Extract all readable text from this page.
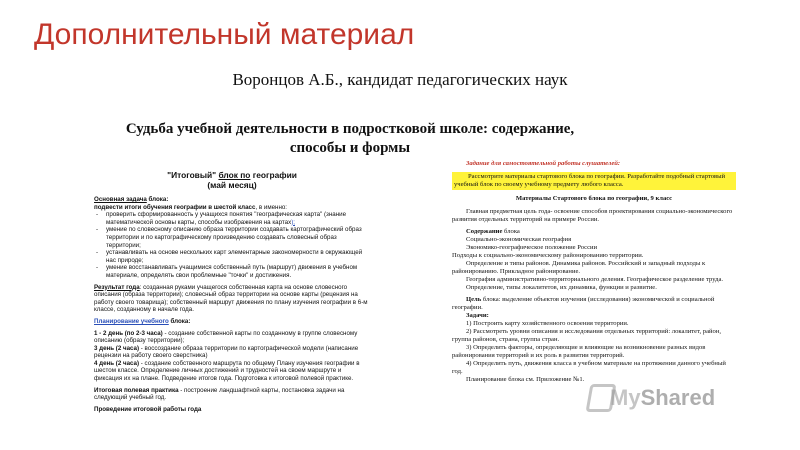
Дополнительный материал
Воронцов А.Б., кандидат педагогических наук
Судьба учебной деятельности в подростковой школе: содержание, способы и формы
"Итоговый" блок по географии
(май месяц)

Основная задача блока:

подвести итоги обучения географии в шестой класс, в именно:

- проверить сформированность у учащихся понятия "географическая карта" (знание математической основы карты, способы изображения на картах);
- умение по словесному описанию образа территории создавать картографический образ территории и по картографическому произведению создавать словесный образ территории;
- устанавливать на основе нескольких карт элементарные закономерности в окружающей нас природе;
- умение восстанавливать учащимися собственный путь (маршрут) движения в учебном материале, определять свои проблемные "точки" и достижения.

Результат года: созданная руками учащегося собственная карта на основе словесного описания (образа территории); словесный образ территории на основе карты (рецензия на работу своего товарища); собственный маршрут движения по плану изучения географии в 6-м классе, созданному в начале года.

Планирование учебного блока:

1 - 2 день (по 2-3 часа) - создание собственной карты по созданному в группе словесному описанию (образу территории);

3 день (2 часа) - воссоздание образа территории по картографической модели (написание рецензии на работу своего сверстника)

4 день (2 часа) - создание собственного маршрута по общему Плану изучения географии в шестом классе. Определение личных достижений и трудностей на своем маршруте и фиксация их на плане. Подведение итогов года. Подготовка к итоговой полевой практике.

Итоговая полевая практика - построение ландшафтной карты, постановка задачи на следующий учебный год.

Проведение итоговой работы года

Задание для самостоятельной работы слушателей:
Рассмотрите материалы стартового блока по географии. Разработайте подобный стартовый учебный блок по своему учебному предмету любого класса.
Материалы Стартового блока по географии, 9 класс

Главная предметная цель года- освоение способов проектирования социально-экономического развития отдельных территорий на примере России.

Содержание блока

Социально-экономическая география

Экономико-географическое положение России

Подходы к социально-экономическому районированию территории.

Определение и типы районов. Динамика районов. Российский и западный подходы к районированию. Прикладное районирование.

География административно-территориального деления. Географическое разделение труда.

Определение, типы локалитетов, их динамика, функции и развитие.

Цель блока: выделение объектов изучения (исследования) экономической и социальной географии.

Задачи:

1) Построить карту хозяйственного освоения территории.

2) Рассмотреть уровни описания и исследования отдельных территорий: локалитет, район, группа районов, страна, группа стран.

3) Определить факторы, определяющие и влияющие на возникновение разных видов районирования территорий и их роль в развитии территорий.

4) Определить путь, движения класса в учебном материале на протяжении данного учебный год.

Планирование блока см. Приложение №1.

MyShared
